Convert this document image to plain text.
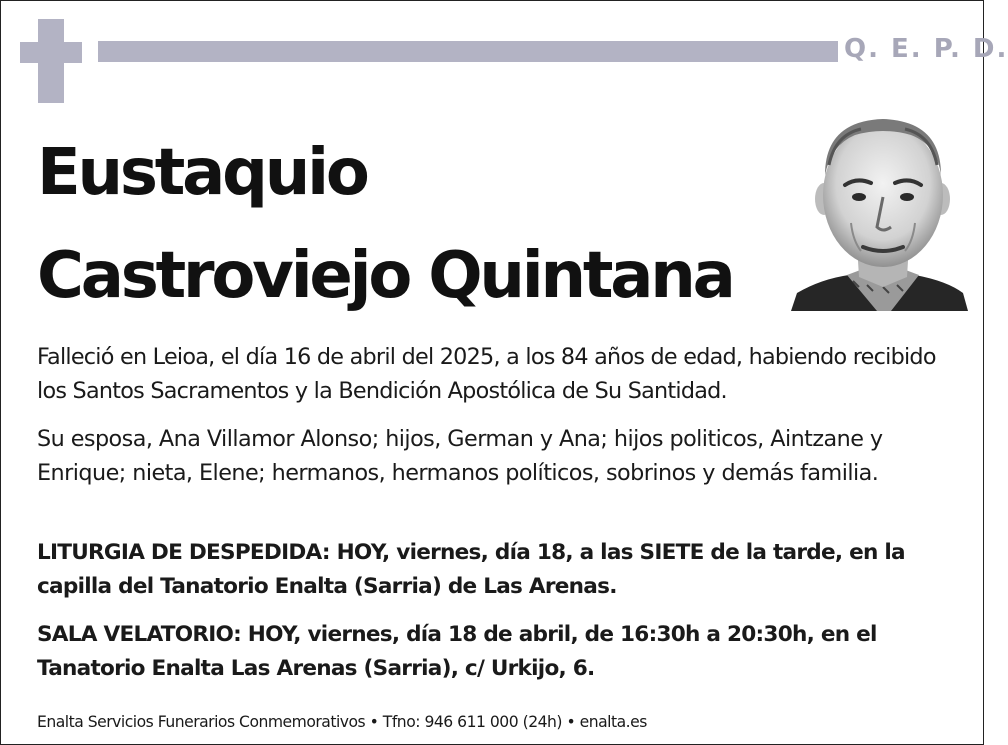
Q. E. P. D.
Eustaquio
Castroviejo Quintana

Falleció en Leioa, el día 16 de abril del 2025, a los 84 años de edad, habiendo recibido los Santos Sacramentos y la Bendición Apostólica de Su Santidad.

Su esposa, Ana Villamor Alonso; hijos, German y Ana; hijos politicos, Aintzane y Enrique; nieta, Elene; hermanos, hermanos políticos, sobrinos y demás familia.

LITURGIA DE DESPEDIDA: HOY, viernes, día 18, a las SIETE de la tarde, en la capilla del Tanatorio Enalta (Sarria) de Las Arenas.

SALA VELATORIO: HOY, viernes, día 18 de abril, de 16:30h a 20:30h, en el Tanatorio Enalta Las Arenas (Sarria), c/ Urkijo, 6.

Enalta Servicios Funerarios Conmemorativos • Tfno: 946 611 000 (24h) • enalta.es
